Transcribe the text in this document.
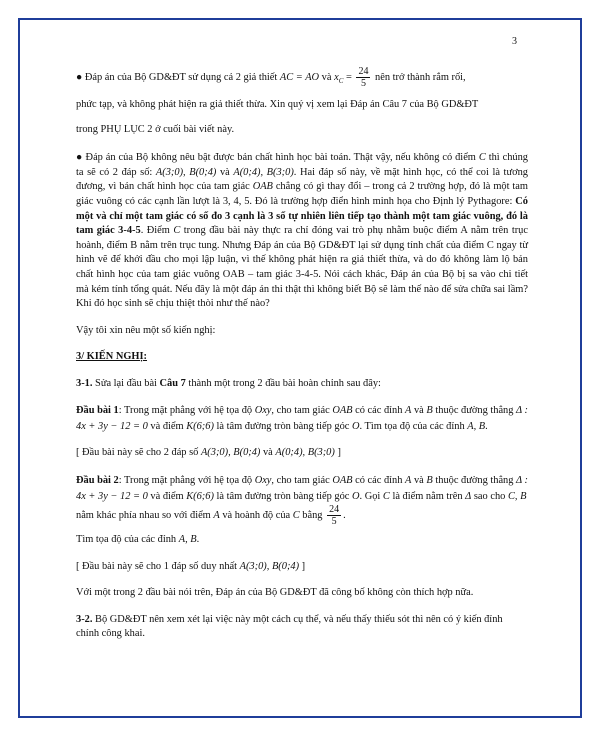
3

● Đáp án của Bộ GD&ĐT sử dụng cả 2 giả thiết AC = AO và $x_C = \frac{24}{5}$ nên trở thành rắm rối,

phức tạp, và không phát hiện ra giả thiết thừa. Xin quý vị xem lại Đáp án Câu 7 của Bộ GD&ĐT

trong PHỤ LỤC 2 ở cuối bài viết này.

● Đáp án của Bộ không nêu bật được bản chất hình học bài toán. Thật vậy, nếu không có điểm C thì chúng ta sẽ có 2 đáp số: A(3;0), B(0;4) và A(0;4), B(3;0). Hai đáp số này, về mặt hình học, có thể coi là tương đương, vì bản chất hình học của tam giác OAB chẳng có gì thay đổi – trong cả 2 trường hợp, đó là một tam giác vuông có các cạnh lần lượt là 3, 4, 5. Đó là trường hợp điển hình minh họa cho Định lý Pythagore: Có một và chỉ một tam giác có số đo 3 cạnh là 3 số tự nhiên liên tiếp tạo thành một tam giác vuông, đó là tam giác 3-4-5. Điểm C trong đầu bài này thực ra chỉ đóng vai trò phụ nhằm buộc điểm A nằm trên trục hoành, điểm B nằm trên trục tung. Nhưng Đáp án của Bộ GD&ĐT lại sử dụng tính chất của điểm C ngay từ hình vẽ để khởi đầu cho mọi lập luận, vì thế không phát hiện ra giả thiết thừa, và do đó không làm lộ bản chất hình học của tam giác vuông OAB – tam giác 3-4-5. Nói cách khác, Đáp án của Bộ bị sa vào chi tiết mà kém tính tổng quát. Nếu đây là một đáp án thi thật thì không biết Bộ sẽ làm thế nào để sửa chữa sai lầm? Khi đó học sinh sẽ chịu thiệt thòi như thế nào?

Vậy tôi xin nêu một số kiến nghị:

3/ KIẾN NGHỊ:

3-1. Sửa lại đầu bài Câu 7 thành một trong 2 đầu bài hoàn chỉnh sau đây:

Đầu bài 1: Trong mặt phẳng với hệ tọa độ Oxy, cho tam giác OAB có các đỉnh A và B thuộc đường thẳng Δ : 4x + 3y − 12 = 0 và điểm K(6;6) là tâm đường tròn bàng tiếp góc O. Tìm tọa độ của các đỉnh A, B.

[ Đầu bài này sẽ cho 2 đáp số A(3;0), B(0;4) và A(0;4), B(3;0) ]

Đầu bài 2: Trong mặt phẳng với hệ tọa độ Oxy, cho tam giác OAB có các đỉnh A và B thuộc đường thẳng Δ : 4x + 3y − 12 = 0 và điểm K(6;6) là tâm đường tròn bàng tiếp góc O. Gọi C là điểm nằm trên Δ sao cho C, B nằm khác phía nhau so với điểm A và hoành độ của C bằng $\frac{24}{5}$ .

Tìm tọa độ của các đỉnh A, B.

[ Đầu bài này sẽ cho 1 đáp số duy nhất A(3;0), B(0;4) ]

Với một trong 2 đầu bài nói trên, Đáp án của Bộ GD&ĐT đã công bố không còn thích hợp nữa.

3-2. Bộ GD&ĐT nên xem xét lại việc này một cách cụ thể, và nếu thấy thiếu sót thì nên có ý kiến đính chính công khai.
